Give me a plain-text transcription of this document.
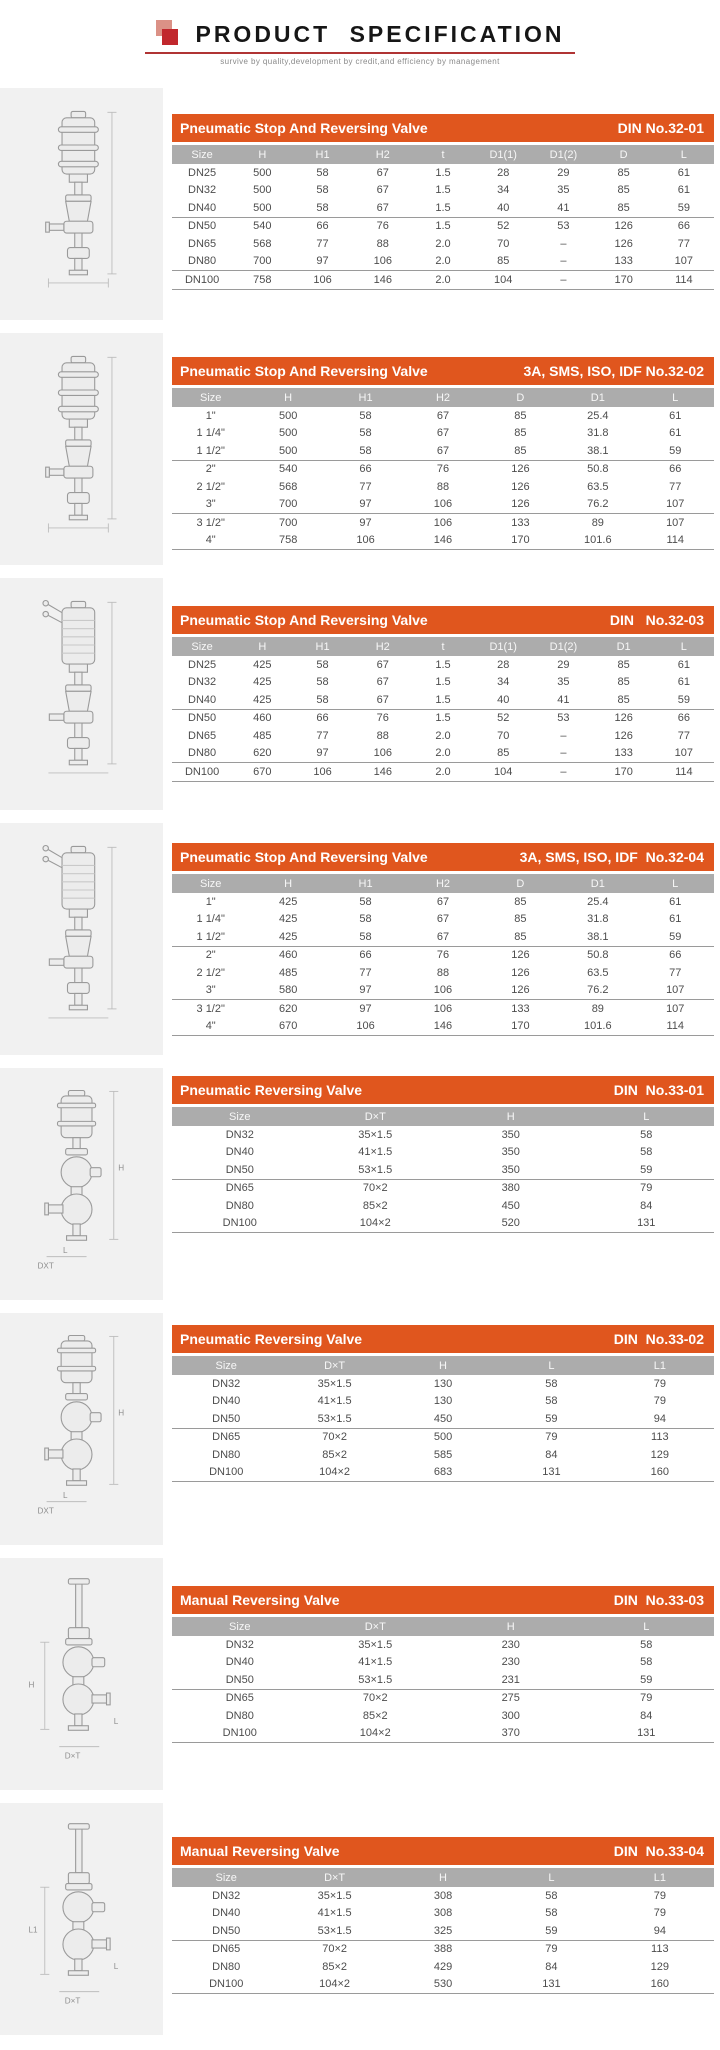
PRODUCT SPECIFICATION
survive by quality,development by credit,and efficiency by management
Pneumatic Stop And Reversing Valve	DIN No.32-01
Size	H	H1	H2	t	D1(1)	D1(2)	D	L
DN25	500	58	67	1.5	28	29	85	61
DN32	500	58	67	1.5	34	35	85	61
DN40	500	58	67	1.5	40	41	85	59
DN50	540	66	76	1.5	52	53	126	66
DN65	568	77	88	2.0	70	–	126	77
DN80	700	97	106	2.0	85	–	133	107
DN100	758	106	146	2.0	104	–	170	114
Pneumatic Stop And Reversing Valve	3A, SMS, ISO, IDF No.32-02
Size	H	H1	H2	D	D1	L
1"	500	58	67	85	25.4	61
1 1/4"	500	58	67	85	31.8	61
1 1/2"	500	58	67	85	38.1	59
2"	540	66	76	126	50.8	66
2 1/2"	568	77	88	126	63.5	77
3"	700	97	106	126	76.2	107
3 1/2"	700	97	106	133	89	107
4"	758	106	146	170	101.6	114
Pneumatic Stop And Reversing Valve	DIN   No.32-03
Size	H	H1	H2	t	D1(1)	D1(2)	D1	L
DN25	425	58	67	1.5	28	29	85	61
DN32	425	58	67	1.5	34	35	85	61
DN40	425	58	67	1.5	40	41	85	59
DN50	460	66	76	1.5	52	53	126	66
DN65	485	77	88	2.0	70	–	126	77
DN80	620	97	106	2.0	85	–	133	107
DN100	670	106	146	2.0	104	–	170	114
Pneumatic Stop And Reversing Valve	3A, SMS, ISO, IDF  No.32-04
Size	H	H1	H2	D	D1	L
1"	425	58	67	85	25.4	61
1 1/4"	425	58	67	85	31.8	61
1 1/2"	425	58	67	85	38.1	59
2"	460	66	76	126	50.8	66
2 1/2"	485	77	88	126	63.5	77
3"	580	97	106	126	76.2	107
3 1/2"	620	97	106	133	89	107
4"	670	106	146	170	101.6	114
H
L
DXT
Pneumatic Reversing Valve	DIN  No.33-01
Size	D×T	H	L
DN32	35×1.5	350	58
DN40	41×1.5	350	58
DN50	53×1.5	350	59
DN65	70×2	380	79
DN80	85×2	450	84
DN100	104×2	520	131
H
L
DXT
Pneumatic Reversing Valve	DIN  No.33-02
Size	D×T	H	L	L1
DN32	35×1.5	130	58	79
DN40	41×1.5	130	58	79
DN50	53×1.5	450	59	94
DN65	70×2	500	79	113
DN80	85×2	585	84	129
DN100	104×2	683	131	160
H
D×T
L
Manual Reversing Valve	DIN  No.33-03
Size	D×T	H	L
DN32	35×1.5	230	58
DN40	41×1.5	230	58
DN50	53×1.5	231	59
DN65	70×2	275	79
DN80	85×2	300	84
DN100	104×2	370	131
L1
D×T
L
Manual Reversing Valve	DIN  No.33-04
Size	D×T	H	L	L1
DN32	35×1.5	308	58	79
DN40	41×1.5	308	58	79
DN50	53×1.5	325	59	94
DN65	70×2	388	79	113
DN80	85×2	429	84	129
DN100	104×2	530	131	160
